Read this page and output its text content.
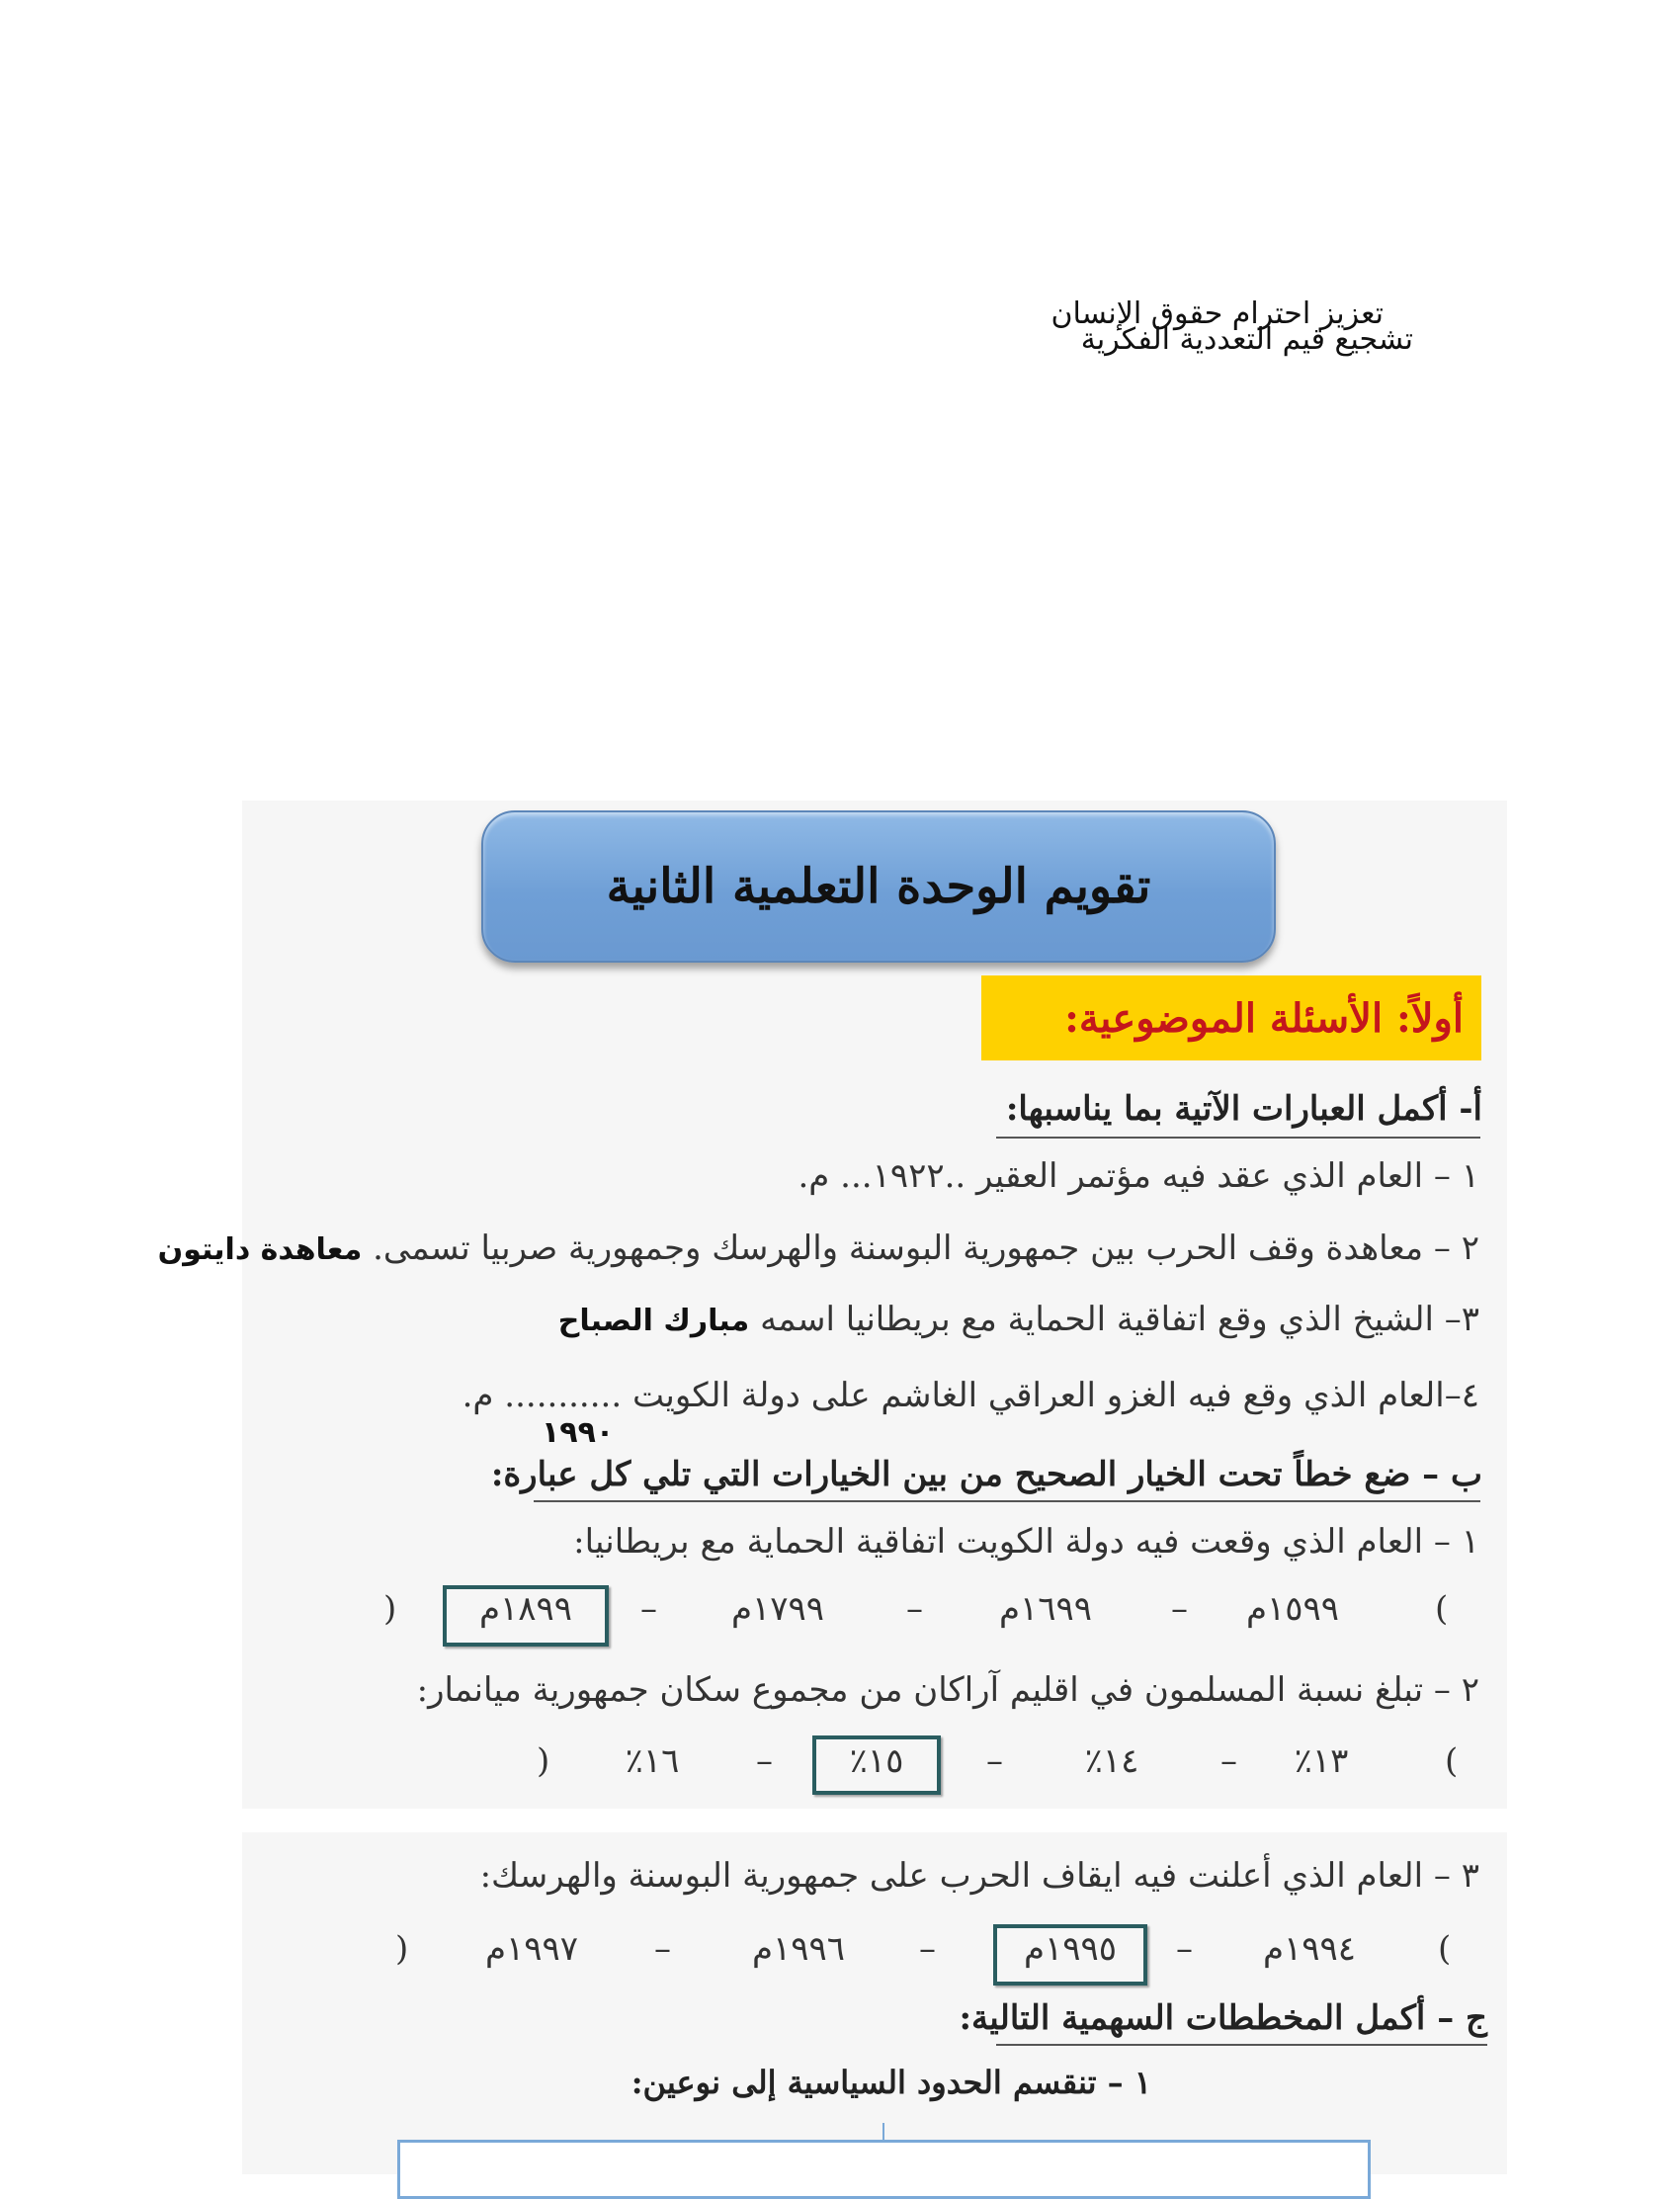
تعزيز احترام حقوق الإنسان
تشجيع قيم التعددية الفكرية
تقويم الوحدة التعلمية الثانية
أولاً: الأسئلة الموضوعية:
أ- أكمل العبارات الآتية بما يناسبها:
١ – العام الذي عقد فيه مؤتمر العقير ..١٩٢٢... م.
٢ – معاهدة وقف الحرب بين جمهورية البوسنة والهرسك وجمهورية صربيا تسمى. معاهدة دايتون
٣– الشيخ الذي وقع اتفاقية الحماية مع بريطانيا اسمه مبارك الصباح
٤–العام الذي وقع فيه الغزو العراقي الغاشم على دولة الكويت ........... م.
١٩٩٠
ب – ضع خطاً تحت الخيار الصحيح من بين الخيارات التي تلي كل عبارة:
١ – العام الذي وقعت فيه دولة الكويت اتفاقية الحماية مع بريطانيا:
(
١٥٩٩م
–
١٦٩٩م
–
١٧٩٩م
–
١٨٩٩م
)
٢ – تبلغ نسبة المسلمون في اقليم آراكان من مجموع سكان جمهورية ميانمار:
(
٪١٣
–
٪١٤
–
٪١٥
–
٪١٦
)
٣ – العام الذي أعلنت فيه ايقاف الحرب على جمهورية البوسنة والهرسك:
(
١٩٩٤م
–
١٩٩٥م
–
١٩٩٦م
–
١٩٩٧م
)
ج – أكمل المخططات السهمية التالية:
١ – تنقسم الحدود السياسية إلى نوعين:
